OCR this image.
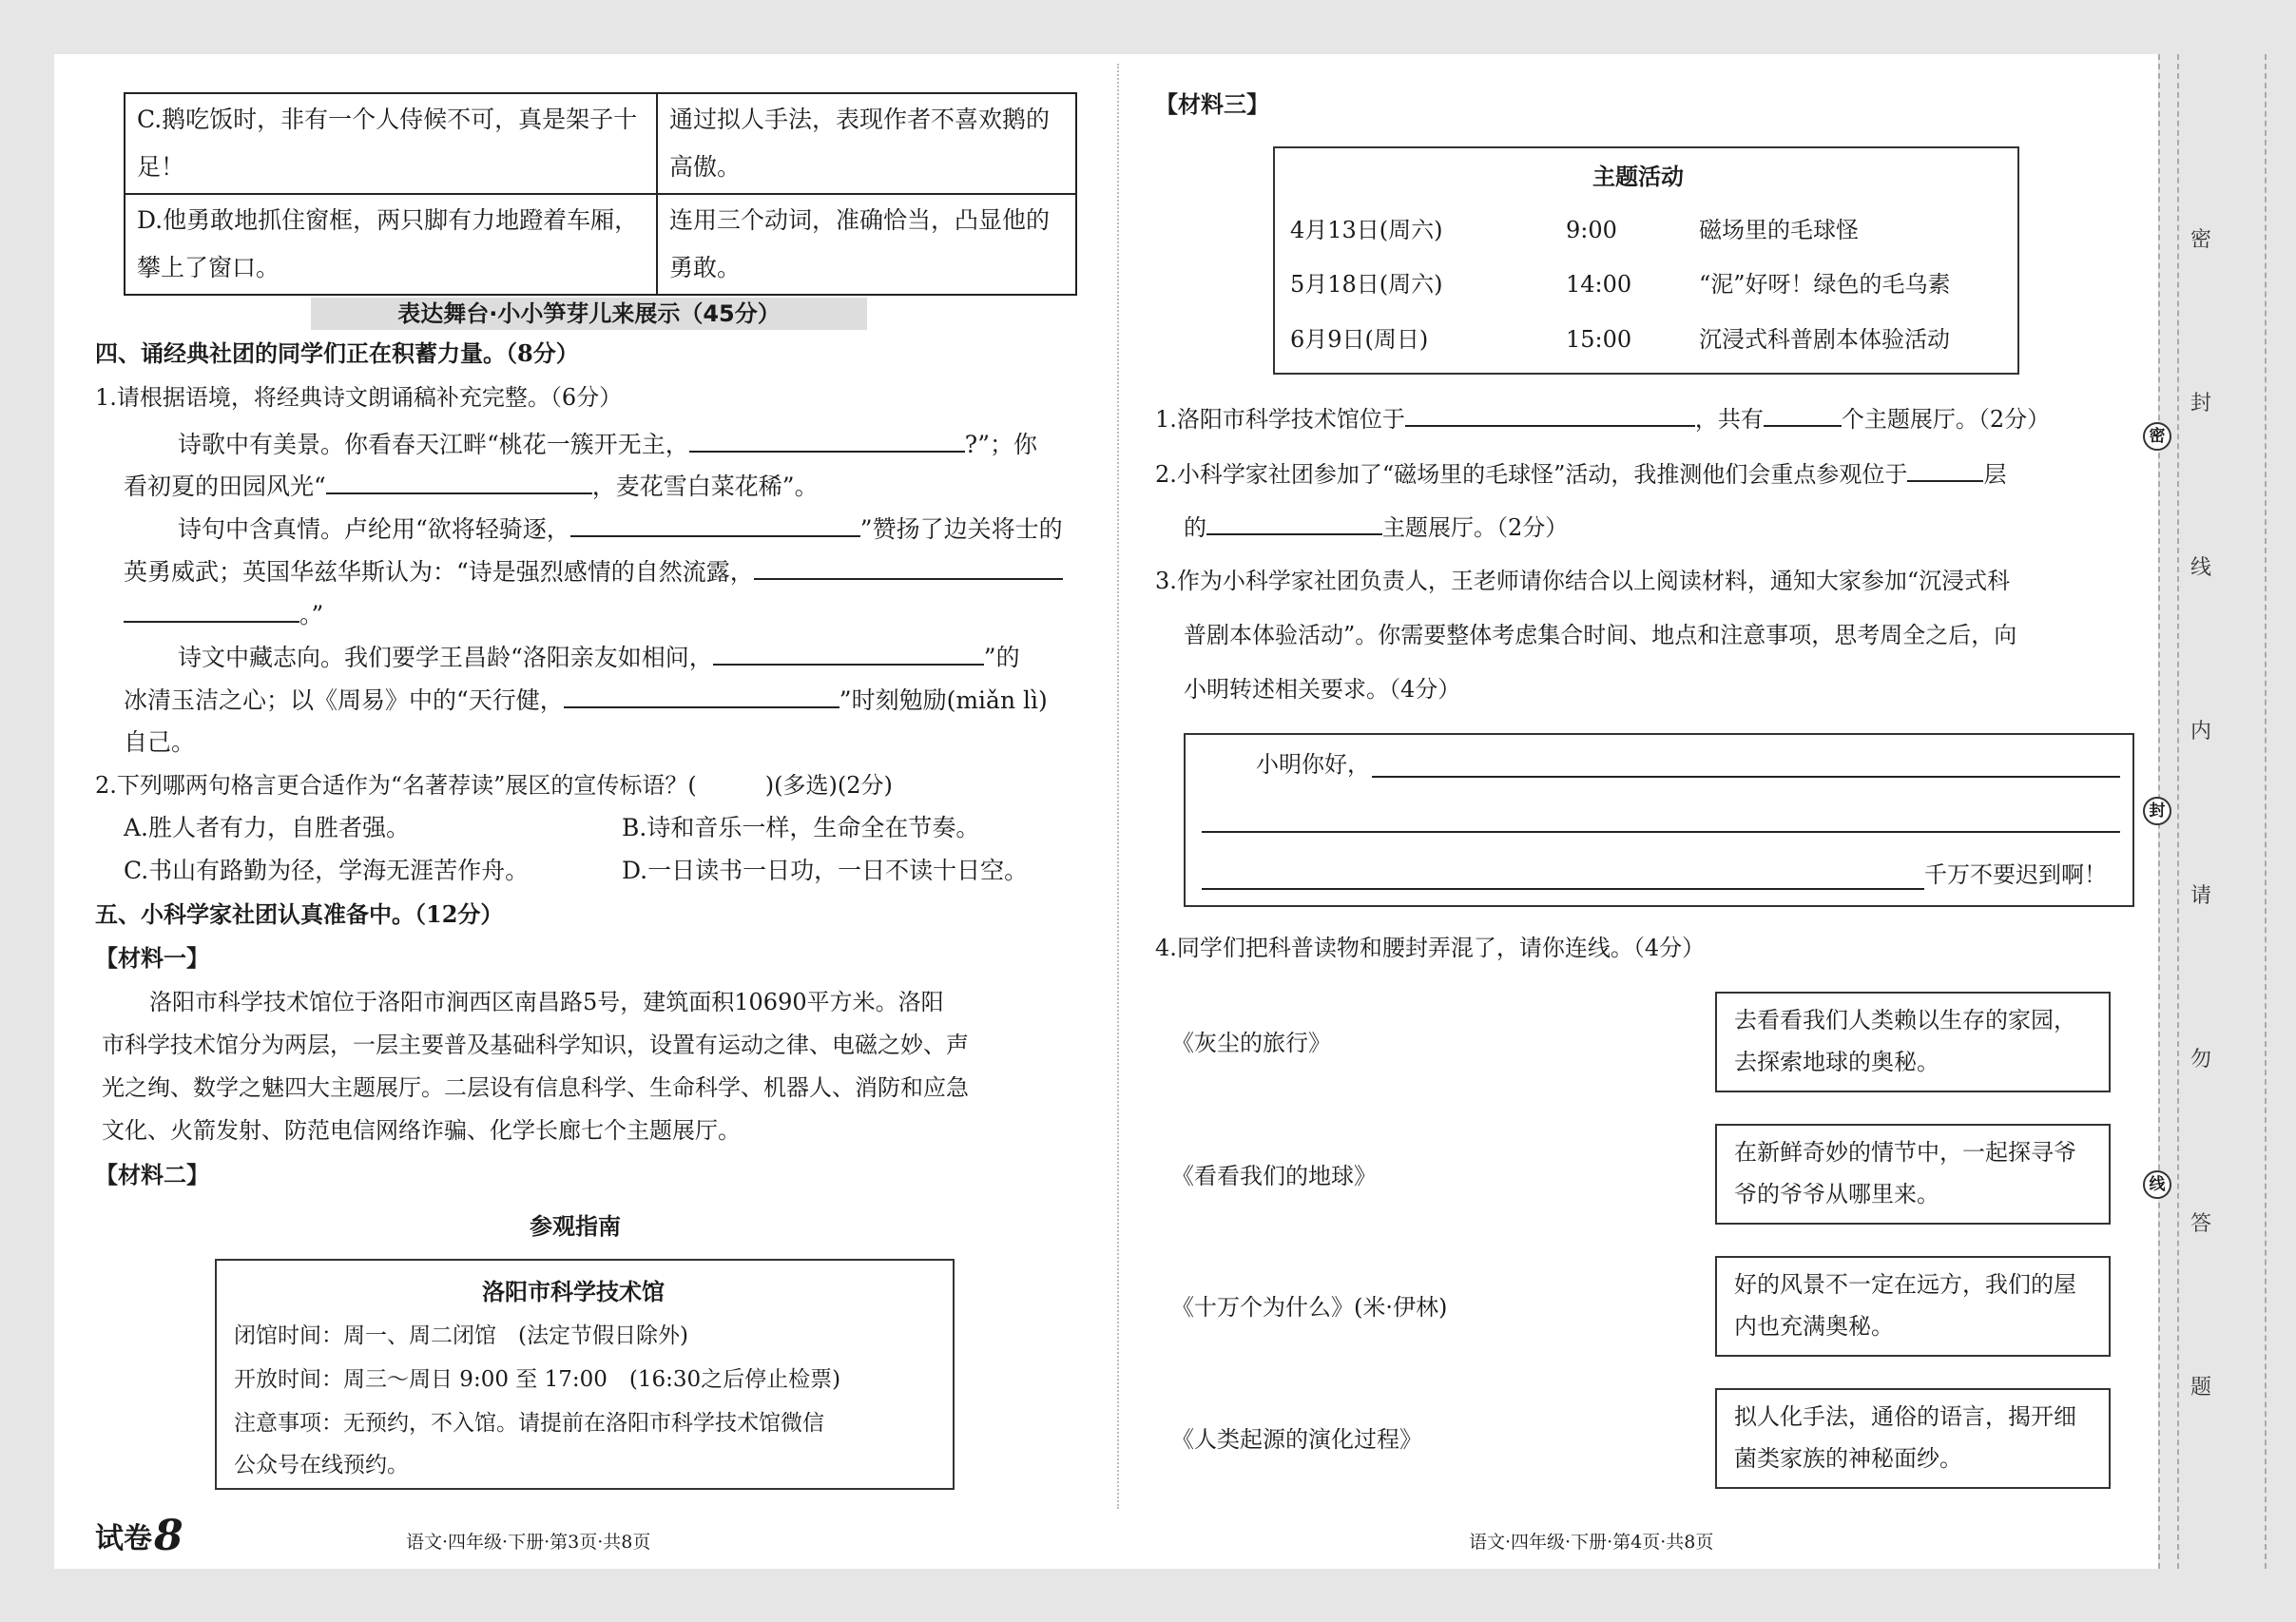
C.鹅吃饭时，非有一个人侍候不可，真是架子十足！	通过拟人手法，表现作者不喜欢鹅的高傲。
D.他勇敢地抓住窗框，两只脚有力地蹬着车厢，攀上了窗口。	连用三个动词，准确恰当，凸显他的勇敢。
表达舞台·小小笋芽儿来展示（45分）
四、诵经典社团的同学们正在积蓄力量。（8分）
1.请根据语境，将经典诗文朗诵稿补充完整。（6分）
诗歌中有美景。你看春天江畔“桃花一簇开无主，	?”；你
看初夏的田园风光“	，麦花雪白菜花稀”。
诗句中含真情。卢纶用“欲将轻骑逐，	”赞扬了边关将士的
英勇威武；英国华兹华斯认为：“诗是强烈感情的自然流露，
。”
诗文中藏志向。我们要学王昌龄“洛阳亲友如相问，	”的
冰清玉洁之心；以《周易》中的“天行健，	”时刻勉励(miǎn lì)
自己。
2.下列哪两句格言更合适作为“名著荐读”展区的宣传标语？(　　　)(多选)(2分)
A.胜人者有力，自胜者强。	B.诗和音乐一样，生命全在节奏。
C.书山有路勤为径，学海无涯苦作舟。	D.一日读书一日功，一日不读十日空。
五、小科学家社团认真准备中。（12分）
【材料一】
洛阳市科学技术馆位于洛阳市涧西区南昌路5号，建筑面积10690平方米。洛阳
市科学技术馆分为两层，一层主要普及基础科学知识，设置有运动之律、电磁之妙、声
光之绚、数学之魅四大主题展厅。二层设有信息科学、生命科学、机器人、消防和应急
文化、火箭发射、防范电信网络诈骗、化学长廊七个主题展厅。
【材料二】
参观指南
洛阳市科学技术馆
闭馆时间：周一、周二闭馆　(法定节假日除外)
开放时间：周三～周日 9:00 至 17:00　(16:30之后停止检票)
注意事项：无预约，不入馆。请提前在洛阳市科学技术馆微信
公众号在线预约。
试卷 8	语文·四年级·下册·第3页·共8页
【材料三】
主题活动
4月13日(周六)	9:00	磁场里的毛球怪
5月18日(周六)	14:00	“泥”好呀！绿色的毛乌素
6月9日(周日)	15:00	沉浸式科普剧本体验活动
1.洛阳市科学技术馆位于	，共有	个主题展厅。（2分）
2.小科学家社团参加了“磁场里的毛球怪”活动，我推测他们会重点参观位于	层
的	主题展厅。（2分）
3.作为小科学家社团负责人，王老师请你结合以上阅读材料，通知大家参加“沉浸式科
普剧本体验活动”。你需要整体考虑集合时间、地点和注意事项，思考周全之后，向
小明转述相关要求。（4分）
小明你好，
千万不要迟到啊！
4.同学们把科普读物和腰封弄混了，请你连线。（4分）
《灰尘的旅行》
《看看我们的地球》
《十万个为什么》(米·伊林)
《人类起源的演化过程》
去看看我们人类赖以生存的家园，去探索地球的奥秘。
在新鲜奇妙的情节中，一起探寻爷爷的爷爷从哪里来。
好的风景不一定在远方，我们的屋内也充满奥秘。
拟人化手法，通俗的语言，揭开细菌类家族的神秘面纱。
语文·四年级·下册·第4页·共8页
密
封
线
密
封
线
内
请
勿
答
题
